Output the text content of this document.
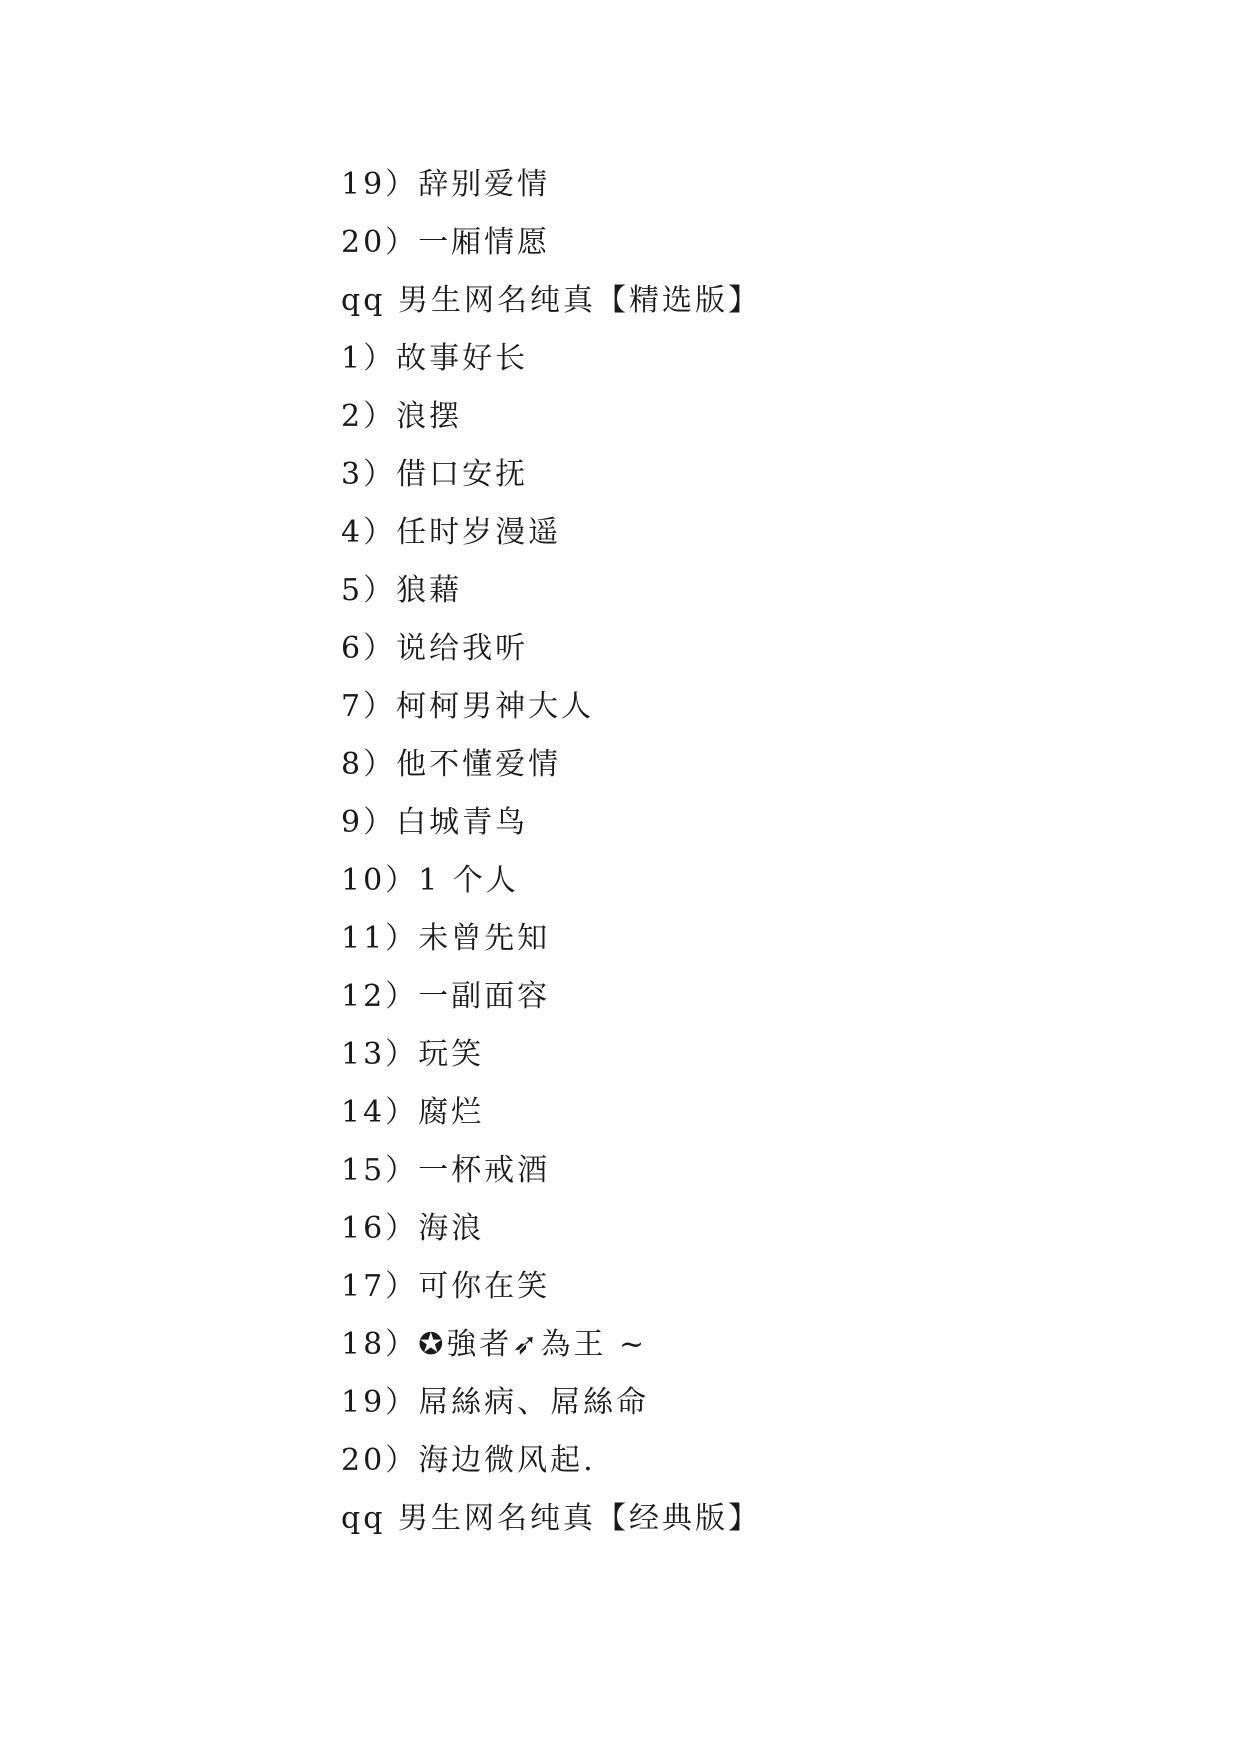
19）辞别爱情
20）一厢情愿
qq 男生网名纯真【精选版】
1）故事好长
2）浪摆
3）借口安抚
4）任时岁漫遥
5）狼藉
6）说给我听
7）柯柯男神大人
8）他不懂爱情
9）白城青鸟
10）1 个人
11）未曾先知
12）一副面容
13）玩笑
14）腐烂
15）一杯戒酒
16）海浪
17）可你在笑
18）✪強者➶為王 ~
19）屌絲病、屌絲命
20）海边微风起.
qq 男生网名纯真【经典版】
